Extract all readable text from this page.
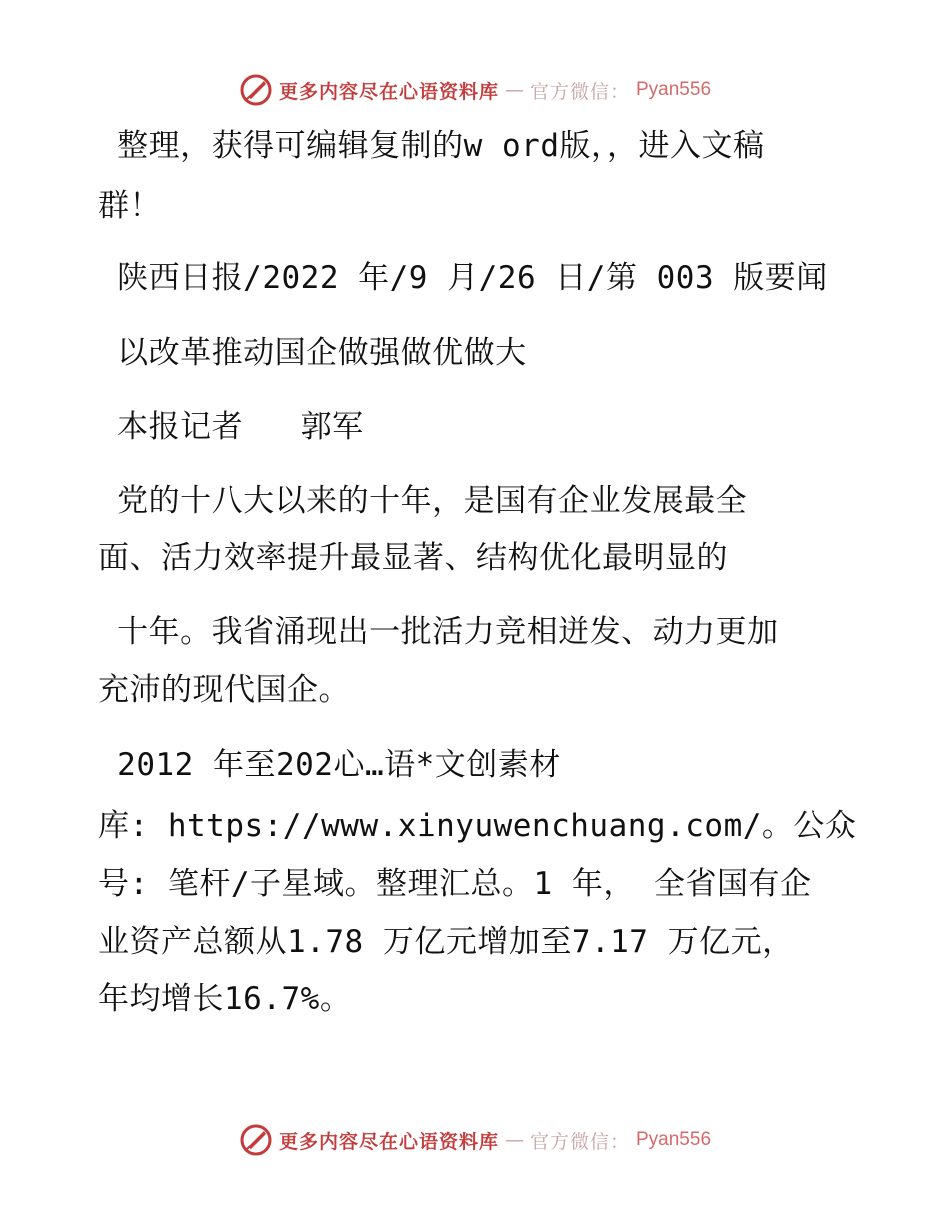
更多内容尽在心语资料库 — 官方微信： Pyan556
整理，获得可编辑复制的w ord版，，进入文稿
群！
陕西日报/2022 年/9 月/26 日/第 003 版要闻
以改革推动国企做强做优做大
本报记者   郭军
党的十八大以来的十年，是国有企业发展最全
面、活力效率提升最显著、结构优化最明显的
十年。我省涌现出一批活力竞相迸发、动力更加
充沛的现代国企。
2012 年至202心…语*文创素材
库: https://www.xinyuwenchuang.com/。公众
号: 笔杆/子星域。整理汇总。1 年， 全省国有企
业资产总额从1.78 万亿元增加至7.17 万亿元，
年均增长16.7%。
更多内容尽在心语资料库 — 官方微信： Pyan556
